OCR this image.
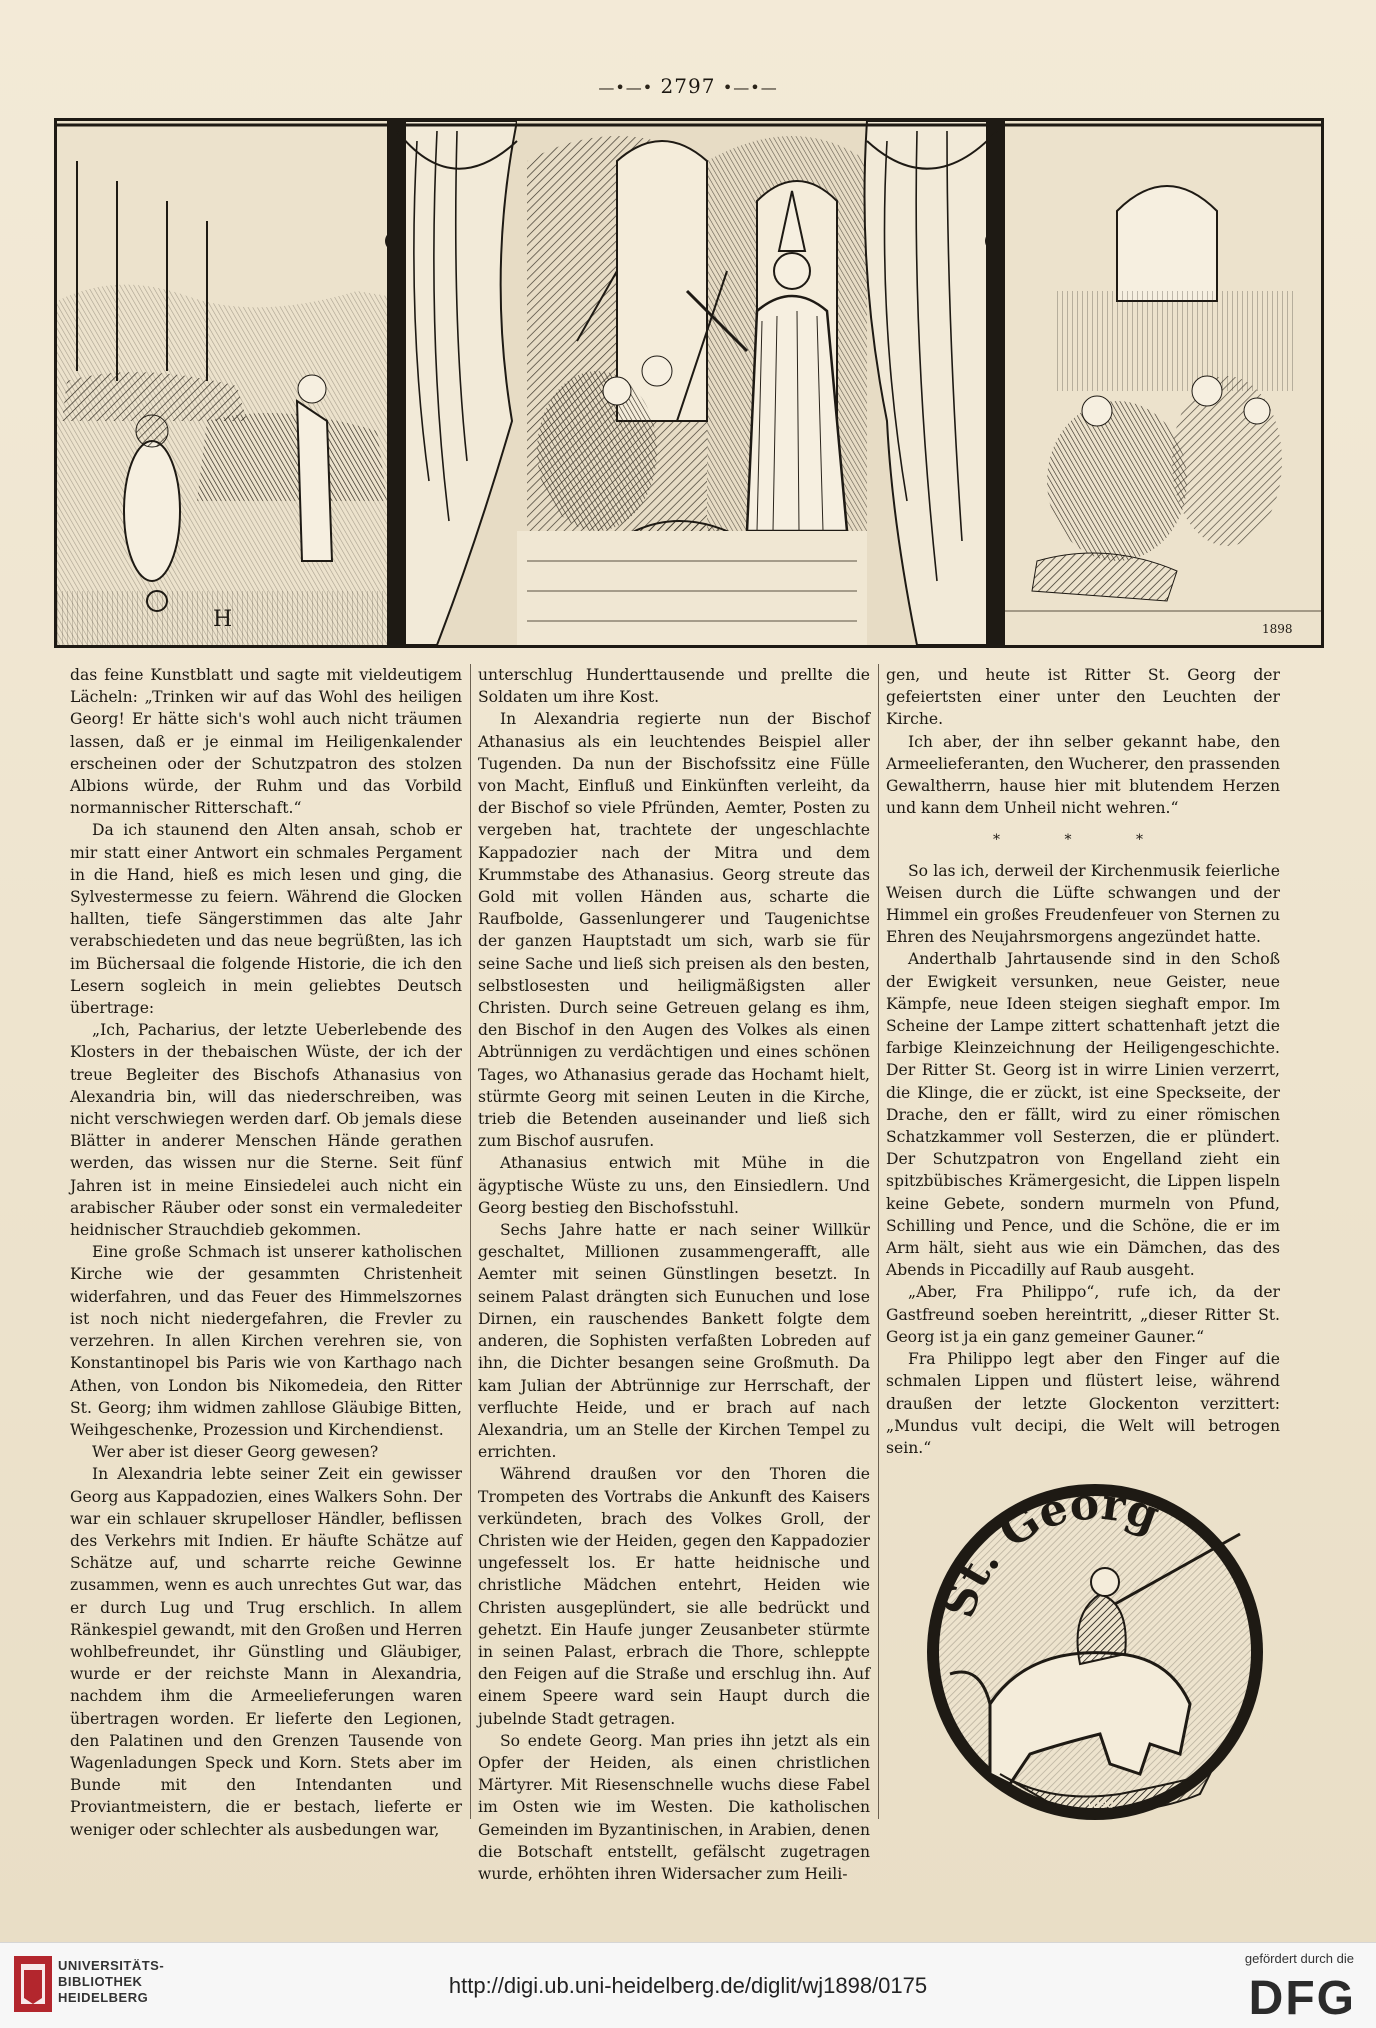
—•—• 2797 •—•—
H	1898

das feine Kunstblatt und sagte mit vieldeutigem Lächeln: „Trinken wir auf das Wohl des heiligen Georg! Er hätte sich's wohl auch nicht träumen lassen, daß er je einmal im Heiligenkalender erscheinen oder der Schutzpatron des stolzen Albions würde, der Ruhm und das Vorbild normannischer Ritterschaft.“

Da ich staunend den Alten ansah, schob er mir statt einer Antwort ein schmales Pergament in die Hand, hieß es mich lesen und ging, die Sylvestermesse zu feiern. Während die Glocken hallten, tiefe Sängerstimmen das alte Jahr verabschiedeten und das neue begrüßten, las ich im Büchersaal die folgende Historie, die ich den Lesern sogleich in mein geliebtes Deutsch übertrage:

„Ich, Pacharius, der letzte Ueberlebende des Klosters in der thebaischen Wüste, der ich der treue Begleiter des Bischofs Athanasius von Alexandria bin, will das niederschreiben, was nicht verschwiegen werden darf. Ob jemals diese Blätter in anderer Menschen Hände gerathen werden, das wissen nur die Sterne. Seit fünf Jahren ist in meine Einsiedelei auch nicht ein arabischer Räuber oder sonst ein vermaledeiter heidnischer Strauchdieb gekommen.

Eine große Schmach ist unserer katholischen Kirche wie der gesammten Christenheit widerfahren, und das Feuer des Himmelszornes ist noch nicht niedergefahren, die Frevler zu verzehren. In allen Kirchen verehren sie, von Konstantinopel bis Paris wie von Karthago nach Athen, von London bis Nikomedeia, den Ritter St. Georg; ihm widmen zahllose Gläubige Bitten, Weihgeschenke, Prozession und Kirchendienst.

Wer aber ist dieser Georg gewesen?

In Alexandria lebte seiner Zeit ein gewisser Georg aus Kappadozien, eines Walkers Sohn. Der war ein schlauer skrupelloser Händler, beflissen des Verkehrs mit Indien. Er häufte Schätze auf Schätze auf, und scharrte reiche Gewinne zusammen, wenn es auch unrechtes Gut war, das er durch Lug und Trug erschlich. In allem Ränkespiel gewandt, mit den Großen und Herren wohlbefreundet, ihr Günstling und Gläubiger, wurde er der reichste Mann in Alexandria, nachdem ihm die Armeelieferungen waren übertragen worden. Er lieferte den Legionen, den Palatinen und den Grenzen Tausende von Wagenladungen Speck und Korn. Stets aber im Bunde mit den Intendanten und Proviantmeistern, die er bestach, lieferte er weniger oder schlechter als ausbedungen war,

unterschlug Hunderttausende und prellte die Soldaten um ihre Kost.

In Alexandria regierte nun der Bischof Athanasius als ein leuchtendes Beispiel aller Tugenden. Da nun der Bischofssitz eine Fülle von Macht, Einfluß und Einkünften verleiht, da der Bischof so viele Pfründen, Aemter, Posten zu vergeben hat, trachtete der ungeschlachte Kappadozier nach der Mitra und dem Krummstabe des Athanasius. Georg streute das Gold mit vollen Händen aus, scharte die Raufbolde, Gassenlungerer und Taugenichtse der ganzen Hauptstadt um sich, warb sie für seine Sache und ließ sich preisen als den besten, selbstlosesten und heiligmäßigsten aller Christen. Durch seine Getreuen gelang es ihm, den Bischof in den Augen des Volkes als einen Abtrünnigen zu verdächtigen und eines schönen Tages, wo Athanasius gerade das Hochamt hielt, stürmte Georg mit seinen Leuten in die Kirche, trieb die Betenden auseinander und ließ sich zum Bischof ausrufen.

Athanasius entwich mit Mühe in die ägyptische Wüste zu uns, den Einsiedlern. Und Georg bestieg den Bischofsstuhl.

Sechs Jahre hatte er nach seiner Willkür geschaltet, Millionen zusammengerafft, alle Aemter mit seinen Günstlingen besetzt. In seinem Palast drängten sich Eunuchen und lose Dirnen, ein rauschendes Bankett folgte dem anderen, die Sophisten verfaßten Lobreden auf ihn, die Dichter besangen seine Großmuth. Da kam Julian der Abtrünnige zur Herrschaft, der verfluchte Heide, und er brach auf nach Alexandria, um an Stelle der Kirchen Tempel zu errichten.

Während draußen vor den Thoren die Trompeten des Vortrabs die Ankunft des Kaisers verkündeten, brach des Volkes Groll, der Christen wie der Heiden, gegen den Kappadozier ungefesselt los. Er hatte heidnische und christliche Mädchen entehrt, Heiden wie Christen ausgeplündert, sie alle bedrückt und gehetzt. Ein Haufe junger Zeusanbeter stürmte in seinen Palast, erbrach die Thore, schleppte den Feigen auf die Straße und erschlug ihn. Auf einem Speere ward sein Haupt durch die jubelnde Stadt getragen.

So endete Georg. Man pries ihn jetzt als ein Opfer der Heiden, als einen christlichen Märtyrer. Mit Riesenschnelle wuchs diese Fabel im Osten wie im Westen. Die katholischen Gemeinden im Byzantinischen, in Arabien, denen die Botschaft entstellt, gefälscht zugetragen wurde, erhöhten ihren Widersacher zum Heili-

gen, und heute ist Ritter St. Georg der gefeiertsten einer unter den Leuchten der Kirche.

Ich aber, der ihn selber gekannt habe, den Armeelieferanten, den Wucherer, den prassenden Gewaltherrn, hause hier mit blutendem Herzen und kann dem Unheil nicht wehren.“

* * *

So las ich, derweil der Kirchenmusik feierliche Weisen durch die Lüfte schwangen und der Himmel ein großes Freudenfeuer von Sternen zu Ehren des Neujahrsmorgens angezündet hatte.

Anderthalb Jahrtausende sind in den Schoß der Ewigkeit versunken, neue Geister, neue Kämpfe, neue Ideen steigen sieghaft empor. Im Scheine der Lampe zittert schattenhaft jetzt die farbige Kleinzeichnung der Heiligengeschichte. Der Ritter St. Georg ist in wirre Linien verzerrt, die Klinge, die er zückt, ist eine Speckseite, der Drache, den er fällt, wird zu einer römischen Schatzkammer voll Sesterzen, die er plündert. Der Schutzpatron von Engelland zieht ein spitzbübisches Krämergesicht, die Lippen lispeln keine Gebete, sondern murmeln von Pfund, Schilling und Pence, und die Schöne, die er im Arm hält, sieht aus wie ein Dämchen, das des Abends in Piccadilly auf Raub ausgeht.

„Aber, Fra Philippo“, rufe ich, da der Gastfreund soeben hereintritt, „dieser Ritter St. Georg ist ja ein ganz gemeiner Gauner.“

Fra Philippo legt aber den Finger auf die schmalen Lippen und flüstert leise, während draußen der letzte Glockenton verzittert: „Mundus vult decipi, die Welt will betrogen sein.“

St. Georg
1898
UNIVERSITÄTS-
BIBLIOTHEK
HEIDELBERG	http://digi.ub.uni-heidelberg.de/diglit/wj1898/0175
gefördert durch die
DFG
